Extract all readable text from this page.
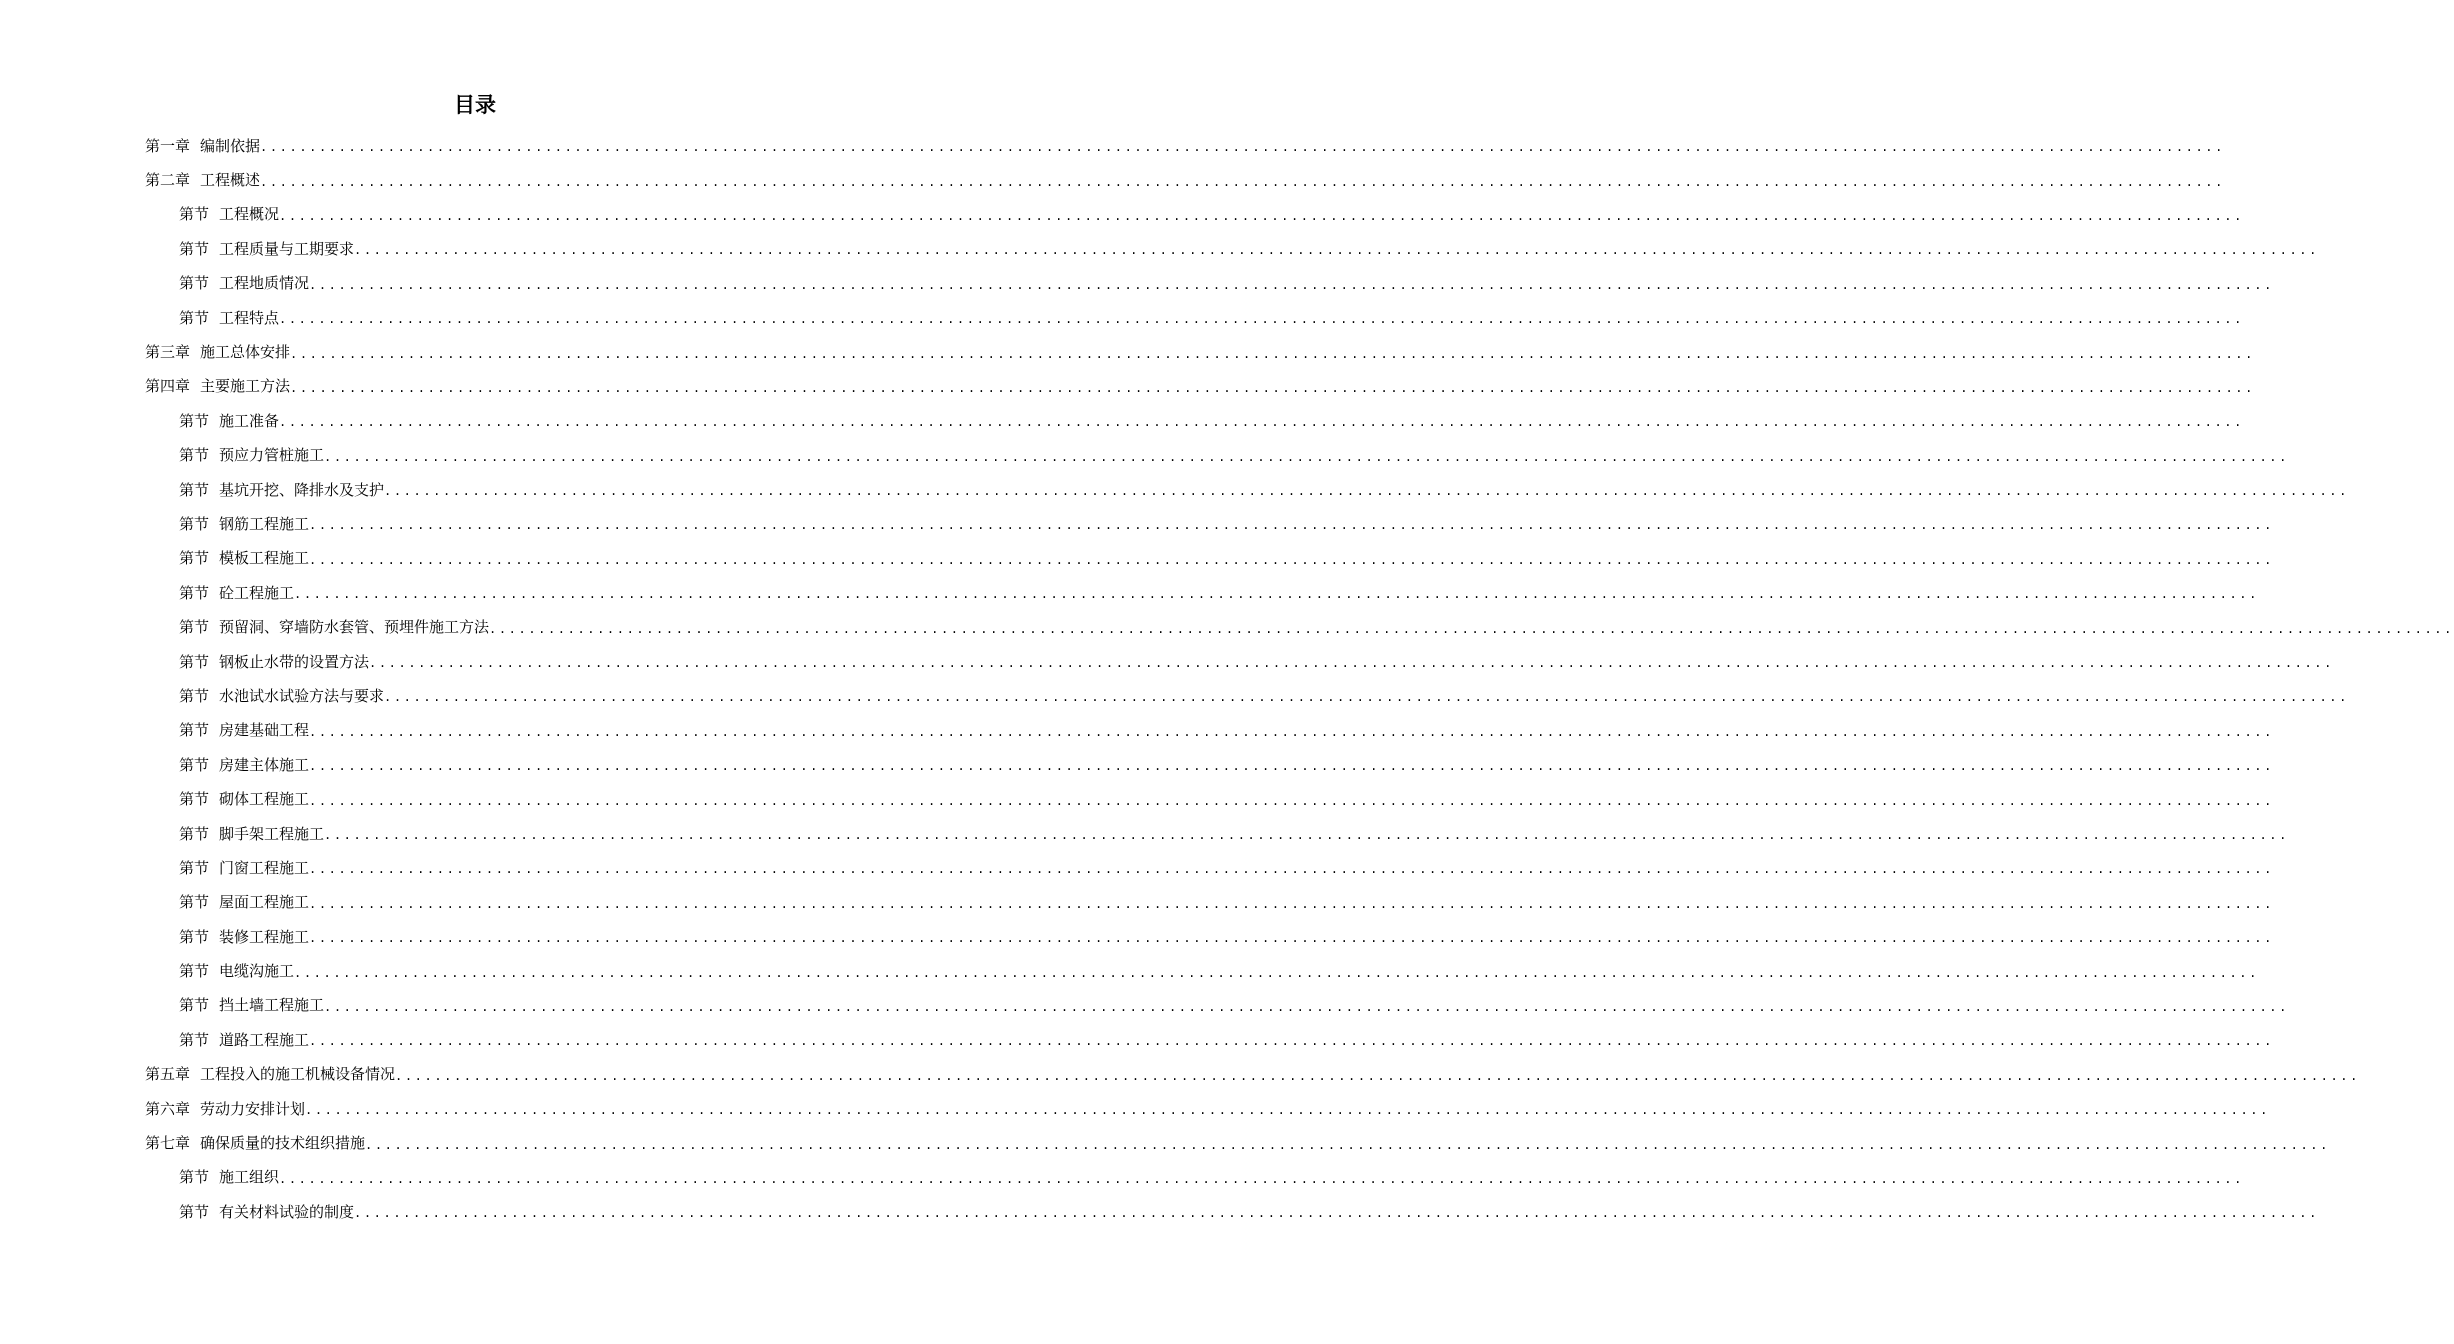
目录
第一章 编制依据 ........................................................................................................................................................................................................
第二章 工程概述 ........................................................................................................................................................................................................
第节 工程概况 ........................................................................................................................................................................................................
第节 工程质量与工期要求 ........................................................................................................................................................................................................
第节 工程地质情况 ........................................................................................................................................................................................................
第节 工程特点 ........................................................................................................................................................................................................
第三章 施工总体安排 ........................................................................................................................................................................................................
第四章 主要施工方法 ........................................................................................................................................................................................................
第节 施工准备 ........................................................................................................................................................................................................
第节 预应力管桩施工 ........................................................................................................................................................................................................
第节 基坑开挖、降排水及支护 ........................................................................................................................................................................................................
第节 钢筋工程施工 ........................................................................................................................................................................................................
第节 模板工程施工 ........................................................................................................................................................................................................
第节 砼工程施工 ........................................................................................................................................................................................................
第节 预留洞、穿墙防水套管、预埋件施工方法 ........................................................................................................................................................................................................
第节 钢板止水带的设置方法 ........................................................................................................................................................................................................
第节 水池试水试验方法与要求 ........................................................................................................................................................................................................
第节 房建基础工程 ........................................................................................................................................................................................................
第节 房建主体施工 ........................................................................................................................................................................................................
第节 砌体工程施工 ........................................................................................................................................................................................................
第节 脚手架工程施工 ........................................................................................................................................................................................................
第节 门窗工程施工 ........................................................................................................................................................................................................
第节 屋面工程施工 ........................................................................................................................................................................................................
第节 装修工程施工 ........................................................................................................................................................................................................
第节 电缆沟施工 ........................................................................................................................................................................................................
第节 挡土墙工程施工 ........................................................................................................................................................................................................
第节 道路工程施工 ........................................................................................................................................................................................................
第五章 工程投入的施工机械设备情况 ........................................................................................................................................................................................................
第六章 劳动力安排计划 ........................................................................................................................................................................................................
第七章 确保质量的技术组织措施 ........................................................................................................................................................................................................
第节 施工组织 ........................................................................................................................................................................................................
第节 有关材料试验的制度 ........................................................................................................................................................................................................
